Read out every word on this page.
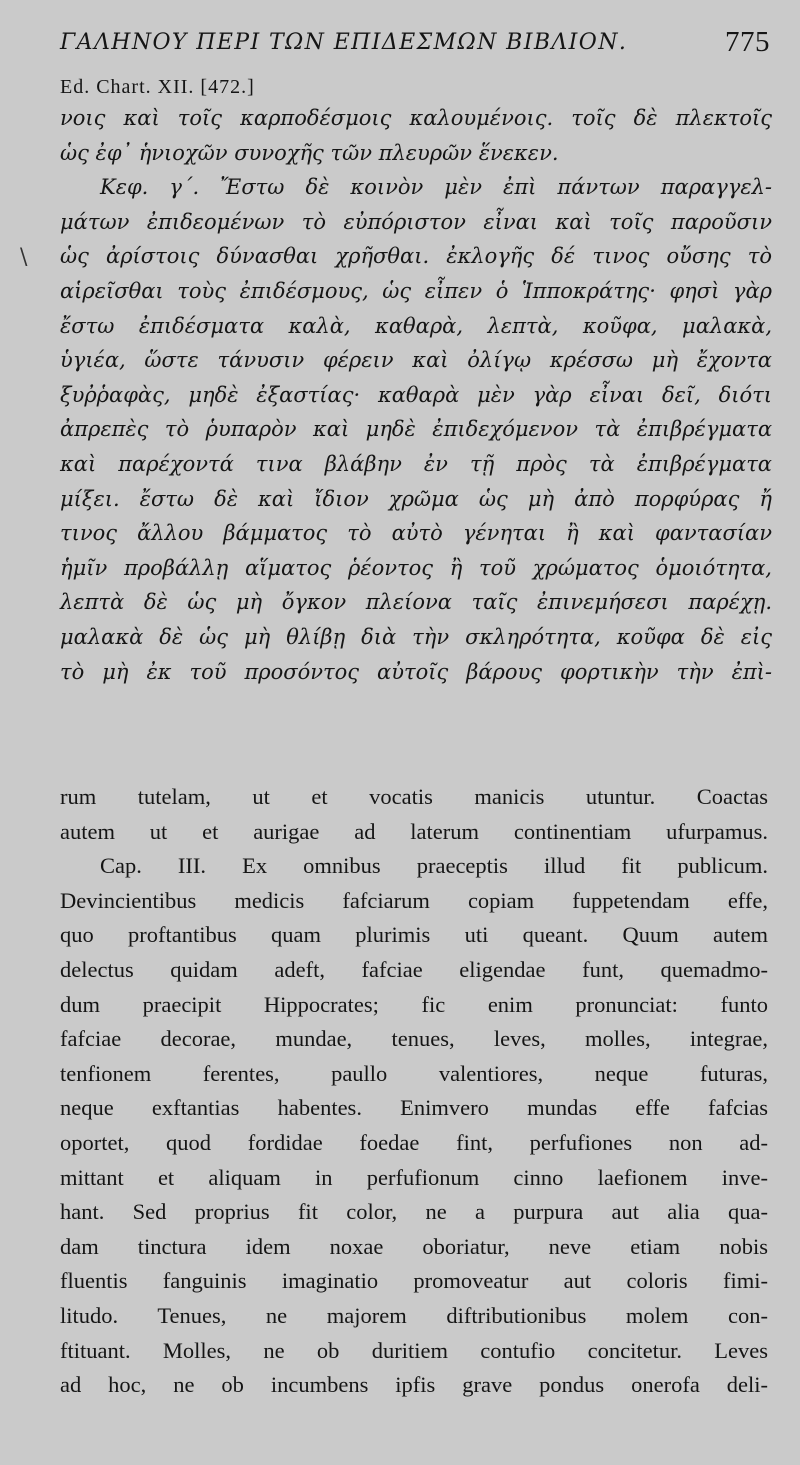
ΓΑΛΗΝΟΥ ΠΕΡΙ ΤΩΝ ΕΠΙΔΕΣΜΩΝ ΒΙΒΛΙΟΝ.	775
Ed. Chart. XII. [472.]
\
νοις καὶ τοῖς καρποδέσμοις καλουμένοις. τοῖς δὲ πλεκτοῖς
ὡς ἐφ᾽ ἡνιοχῶν συνοχῆς τῶν πλευρῶν ἕνεκεν.
Κεφ. γ΄. Ἔστω δὲ κοινὸν μὲν ἐπὶ πάντων παραγγελ-
μάτων ἐπιδεομένων τὸ εὐπόριστον εἶναι καὶ τοῖς παροῦσιν
ὡς ἀρίστοις δύνασθαι χρῆσθαι. ἐκλογῆς δέ τινος οὔσης τὸ
αἱρεῖσθαι τοὺς ἐπιδέσμους, ὡς εἶπεν ὁ Ἱπποκράτης· φησὶ γὰρ
ἔστω ἐπιδέσματα καλὰ, καθαρὰ, λεπτὰ, κοῦφα, μαλακὰ,
ὑγιέα, ὥστε τάνυσιν φέρειν καὶ ὀλίγῳ κρέσσω μὴ ἔχοντα
ξυῤῥαφὰς, μηδὲ ἐξαστίας· καθαρὰ μὲν γὰρ εἶναι δεῖ, διότι
ἀπρεπὲς τὸ ῥυπαρὸν καὶ μηδὲ ἐπιδεχόμενον τὰ ἐπιβρέγματα
καὶ παρέχοντά τινα βλάβην ἐν τῇ πρὸς τὰ ἐπιβρέγματα
μίξει. ἔστω δὲ καὶ ἴδιον χρῶμα ὡς μὴ ἀπὸ πορφύρας ἤ
τινος ἄλλου βάμματος τὸ αὐτὸ γένηται ἢ καὶ φαντασίαν
ἡμῖν προβάλλῃ αἵματος ῥέοντος ἢ τοῦ χρώματος ὁμοιότητα,
λεπτὰ δὲ ὡς μὴ ὄγκον πλείονα ταῖς ἐπινεμήσεσι παρέχῃ.
μαλακὰ δὲ ὡς μὴ θλίβῃ διὰ τὴν σκληρότητα, κοῦφα δὲ εἰς
τὸ μὴ ἐκ τοῦ προσόντος αὐτοῖς βάρους φορτικὴν τὴν ἐπὶ-
rum tutelam, ut et vocatis manicis utuntur. Coactas
autem ut et aurigae ad laterum continentiam ufurpamus.
Cap. III. Ex omnibus praeceptis illud fit publicum.
Devincientibus medicis fafciarum copiam fuppetendam effe,
quo proftantibus quam plurimis uti queant. Quum autem
delectus quidam adeft, fafciae eligendae funt, quemadmo-
dum praecipit Hippocrates; fic enim pronunciat: funto
fafciae decorae, mundae, tenues, leves, molles, integrae,
tenfionem ferentes, paullo valentiores, neque futuras,
neque exftantias habentes. Enimvero mundas effe fafcias
oportet, quod fordidae foedae fint, perfufiones non ad-
mittant et aliquam in perfufionum cinno laefionem inve-
hant. Sed proprius fit color, ne a purpura aut alia qua-
dam tinctura idem noxae oboriatur, neve etiam nobis
fluentis fanguinis imaginatio promoveatur aut coloris fimi-
litudo. Tenues, ne majorem diftributionibus molem con-
ftituant. Molles, ne ob duritiem contufio concitetur. Leves
ad hoc, ne ob incumbens ipfis grave pondus onerofa deli-
